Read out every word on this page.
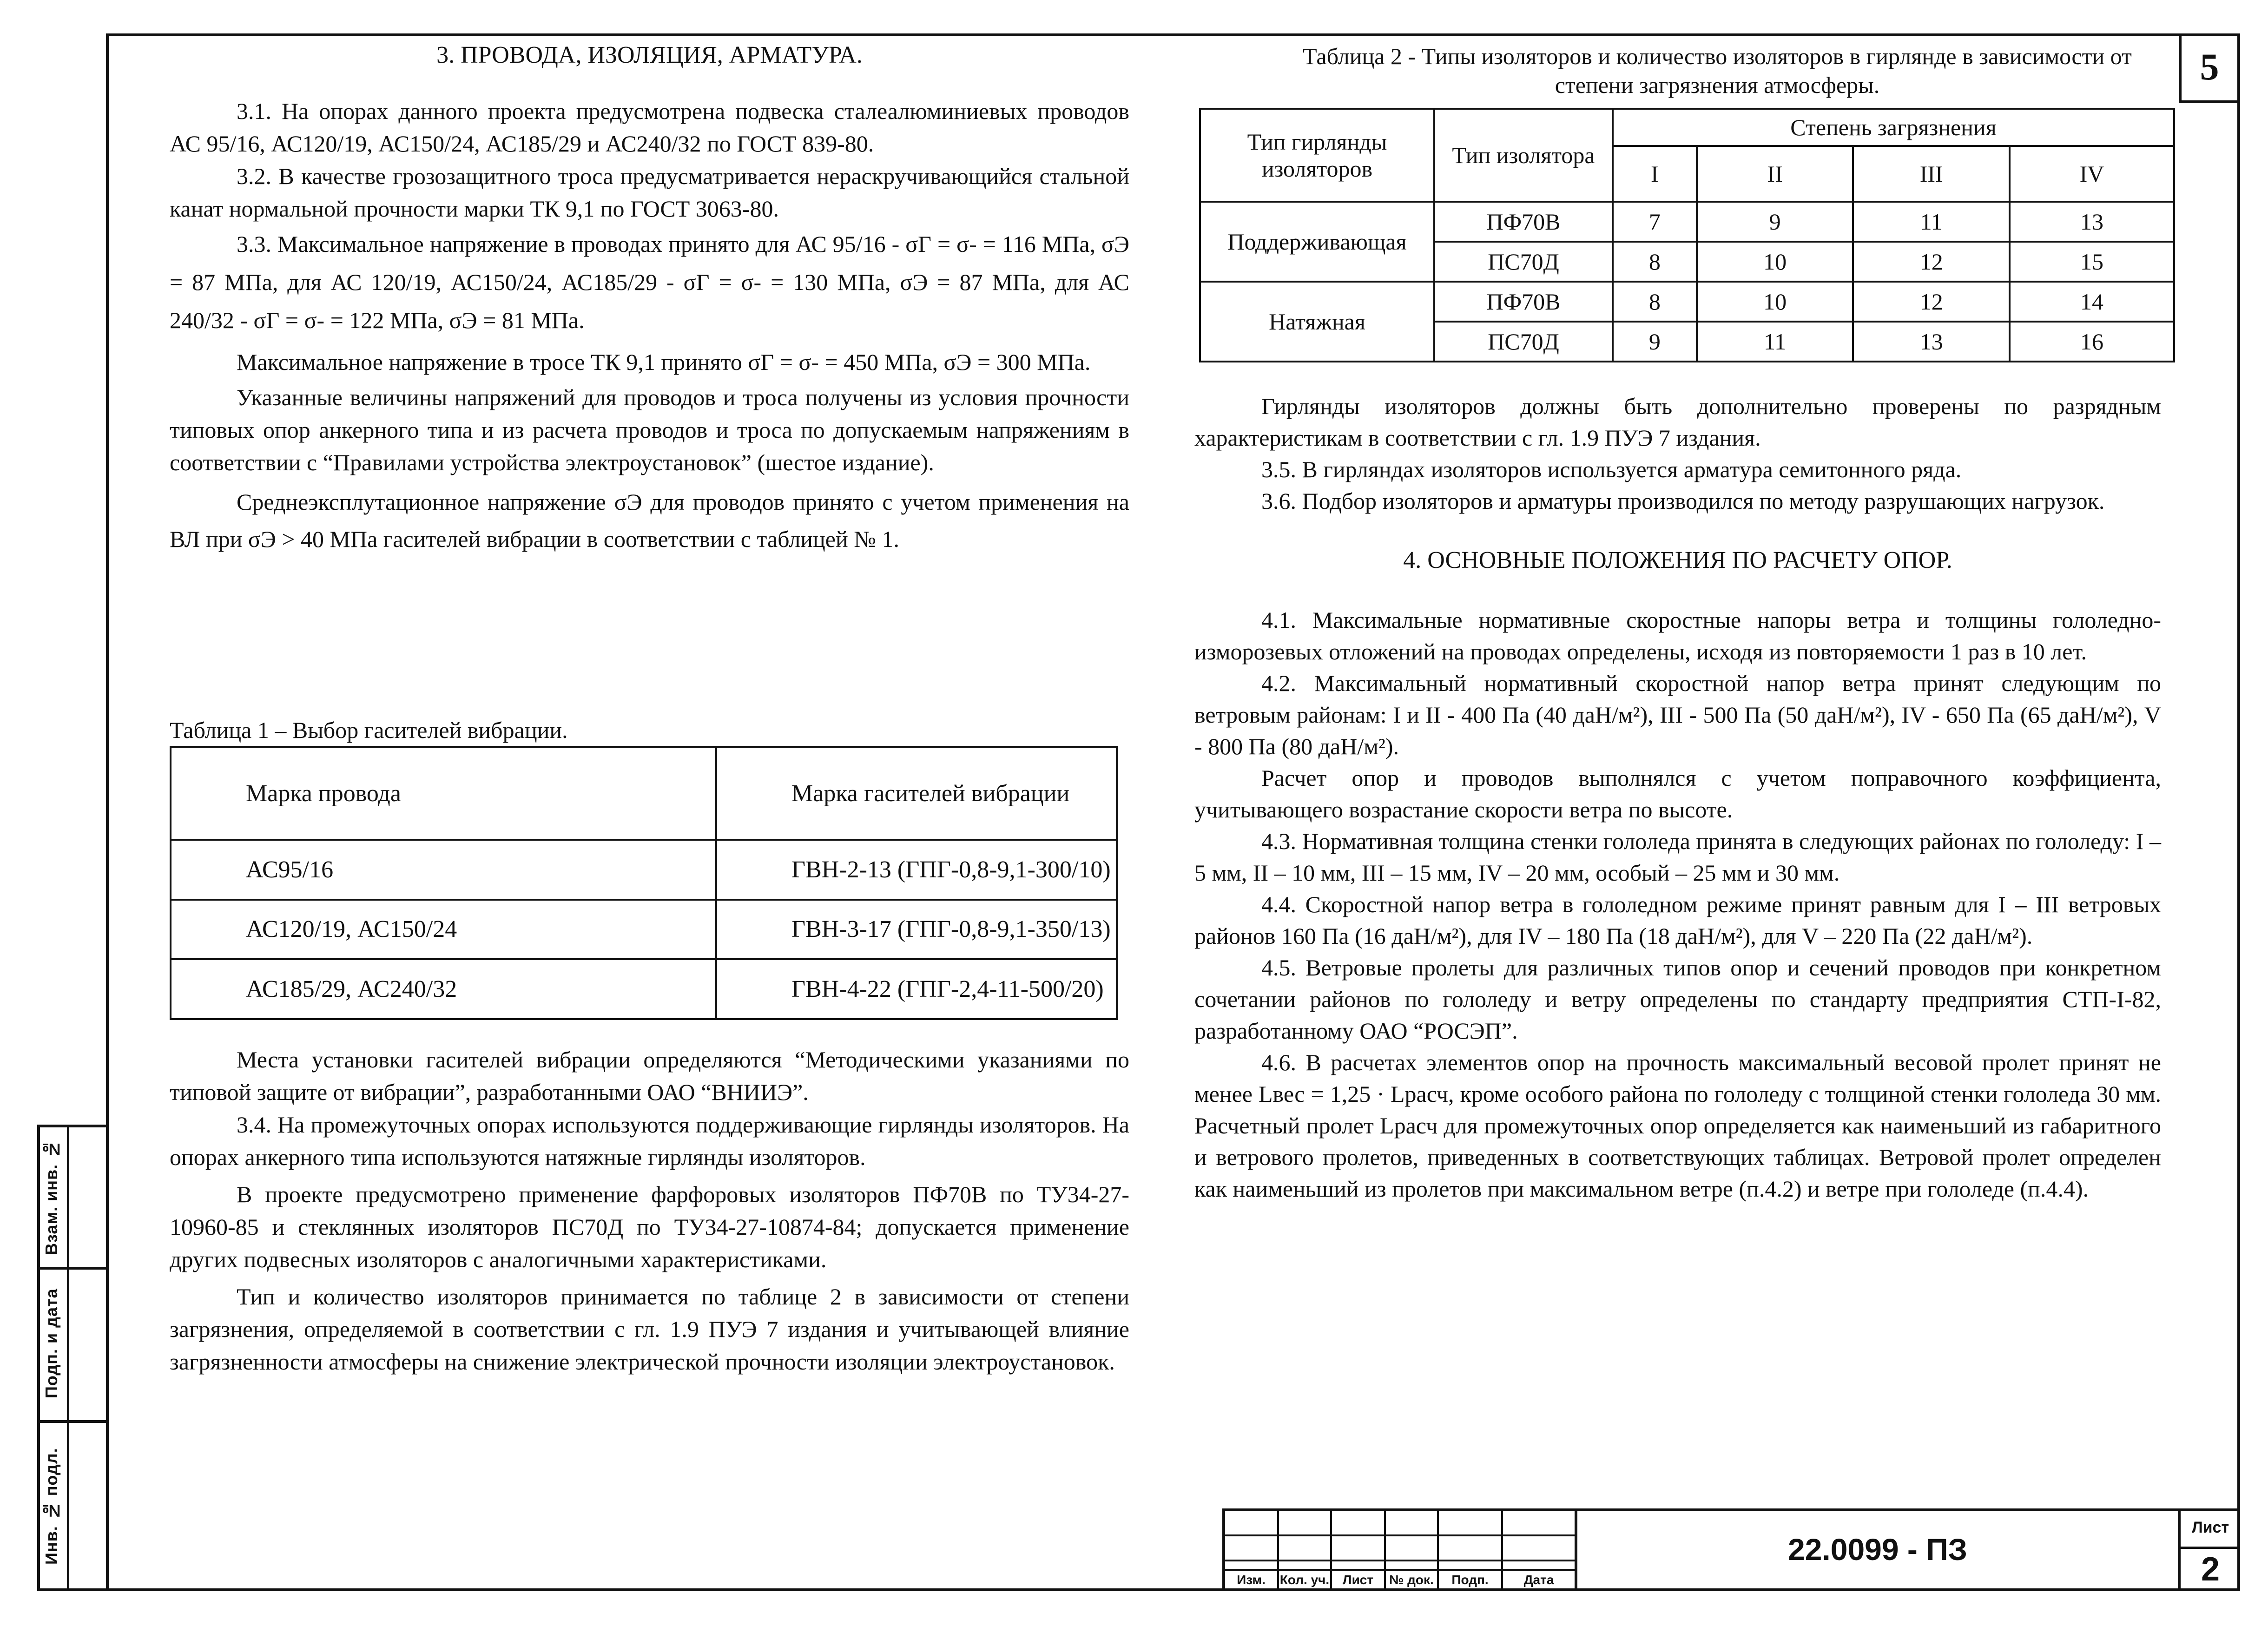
5

3. ПРОВОДА, ИЗОЛЯЦИЯ, АРМАТУРА.

3.1. На опорах данного проекта предусмотрена подвеска сталеалюминиевых проводов АС 95/16, АС120/19, АС150/24, АС185/29 и АС240/32 по ГОСТ 839-80.

3.2. В качестве грозозащитного троса предусматривается нераскручивающийся стальной канат нормальной прочности марки ТК 9,1 по ГОСТ 3063-80.

3.3. Максимальное напряжение в проводах принято для АС 95/16 - σГ = σ- = 116 МПа, σЭ = 87 МПа, для АС 120/19, АС150/24, АС185/29 - σГ = σ- = 130 МПа, σЭ = 87 МПа, для АС 240/32 - σГ = σ- = 122 МПа, σЭ = 81 МПа.

Максимальное напряжение в тросе ТК 9,1 принято σГ = σ- = 450 МПа, σЭ = 300 МПа.

Указанные величины напряжений для проводов и троса получены из условия прочности типовых опор анкерного типа и из расчета проводов и троса по допускаемым напряжениям в соответствии с “Правилами устройства электроустановок” (шестое издание).

Среднеэксплутационное напряжение σЭ для проводов принято с учетом применения на ВЛ при σЭ > 40 МПа гасителей вибрации в соответствии с таблицей № 1.

Таблица 1 – Выбор гасителей вибрации.
Марка провода	Марка гасителей вибрации
АС95/16	ГВН-2-13 (ГПГ-0,8-9,1-300/10)
АС120/19, АС150/24	ГВН-3-17 (ГПГ-0,8-9,1-350/13)
АС185/29, АС240/32	ГВН-4-22 (ГПГ-2,4-11-500/20)

Места установки гасителей вибрации определяются “Методическими указаниями по типовой защите от вибрации”, разработанными ОАО “ВНИИЭ”.

3.4. На промежуточных опорах используются поддерживающие гирлянды изоляторов. На опорах анкерного типа используются натяжные гирлянды изоляторов.

В проекте предусмотрено применение фарфоровых изоляторов ПФ70В по ТУ34-27-10960-85 и стеклянных изоляторов ПС70Д по ТУ34-27-10874-84; допускается применение других подвесных изоляторов с аналогичными характеристиками.

Тип и количество изоляторов принимается по таблице 2 в зависимости от степени загрязнения, определяемой в соответствии с гл. 1.9 ПУЭ 7 издания и учитывающей влияние загрязненности атмосферы на снижение электрической прочности изоляции электроустановок.

Таблица 2 - Типы изоляторов и количество изоляторов в гирлянде в зависимости от степени загрязнения атмосферы.
Тип гирлянды изоляторов	Тип изолятора	Степень загрязнения			
		I	II	III	IV
Поддерживающая	ПФ70В	7	9	11	13
	ПС70Д	8	10	12	15
Натяжная	ПФ70В	8	10	12	14
	ПС70Д	9	11	13	16

Гирлянды изоляторов должны быть дополнительно проверены по разрядным характеристикам в соответствии с гл. 1.9 ПУЭ 7 издания.

3.5. В гирляндах изоляторов используется арматура семитонного ряда.

3.6. Подбор изоляторов и арматуры производился по методу разрушающих нагрузок.

4. ОСНОВНЫЕ ПОЛОЖЕНИЯ ПО РАСЧЕТУ ОПОР.

4.1. Максимальные нормативные скоростные напоры ветра и толщины гололедно-изморозевых отложений на проводах определены, исходя из повторяемости 1 раз в 10 лет.

4.2. Максимальный нормативный скоростной напор ветра принят следующим по ветровым районам: I и II - 400 Па (40 даН/м²), III - 500 Па (50 даН/м²), IV - 650 Па (65 даН/м²), V - 800 Па (80 даН/м²).

Расчет опор и проводов выполнялся с учетом поправочного коэффициента, учитывающего возрастание скорости ветра по высоте.

4.3. Нормативная толщина стенки гололеда принята в следующих районах по гололеду: I – 5 мм, II – 10 мм, III – 15 мм, IV – 20 мм, особый – 25 мм и 30 мм.

4.4. Скоростной напор ветра в гололедном режиме принят равным для I – III ветровых районов 160 Па (16 даН/м²), для IV – 180 Па (18 даН/м²), для V – 220 Па (22 даН/м²).

4.5. Ветровые пролеты для различных типов опор и сечений проводов при конкретном сочетании районов по гололеду и ветру определены по стандарту предприятия СТП-I-82, разработанному ОАО “РОСЭП”.

4.6. В расчетах элементов опор на прочность максимальный весовой пролет принят не менее Lвес = 1,25 · Lрасч, кроме особого района по гололеду с толщиной стенки гололеда 30 мм. Расчетный пролет Lрасч для промежуточных опор определяется как наименьший из габаритного и ветрового пролетов, приведенных в соответствующих таблицах. Ветровой пролет определен как наименьший из пролетов при максимальном ветре (п.4.2) и ветре при гололеде (п.4.4).

Взам. инв. №
Подп. и дата
Инв. № подл.
Изм.	Кол. уч.	Лист	№ док.	Подп.	Дата
22.0099 - ПЗ
Лист
2
